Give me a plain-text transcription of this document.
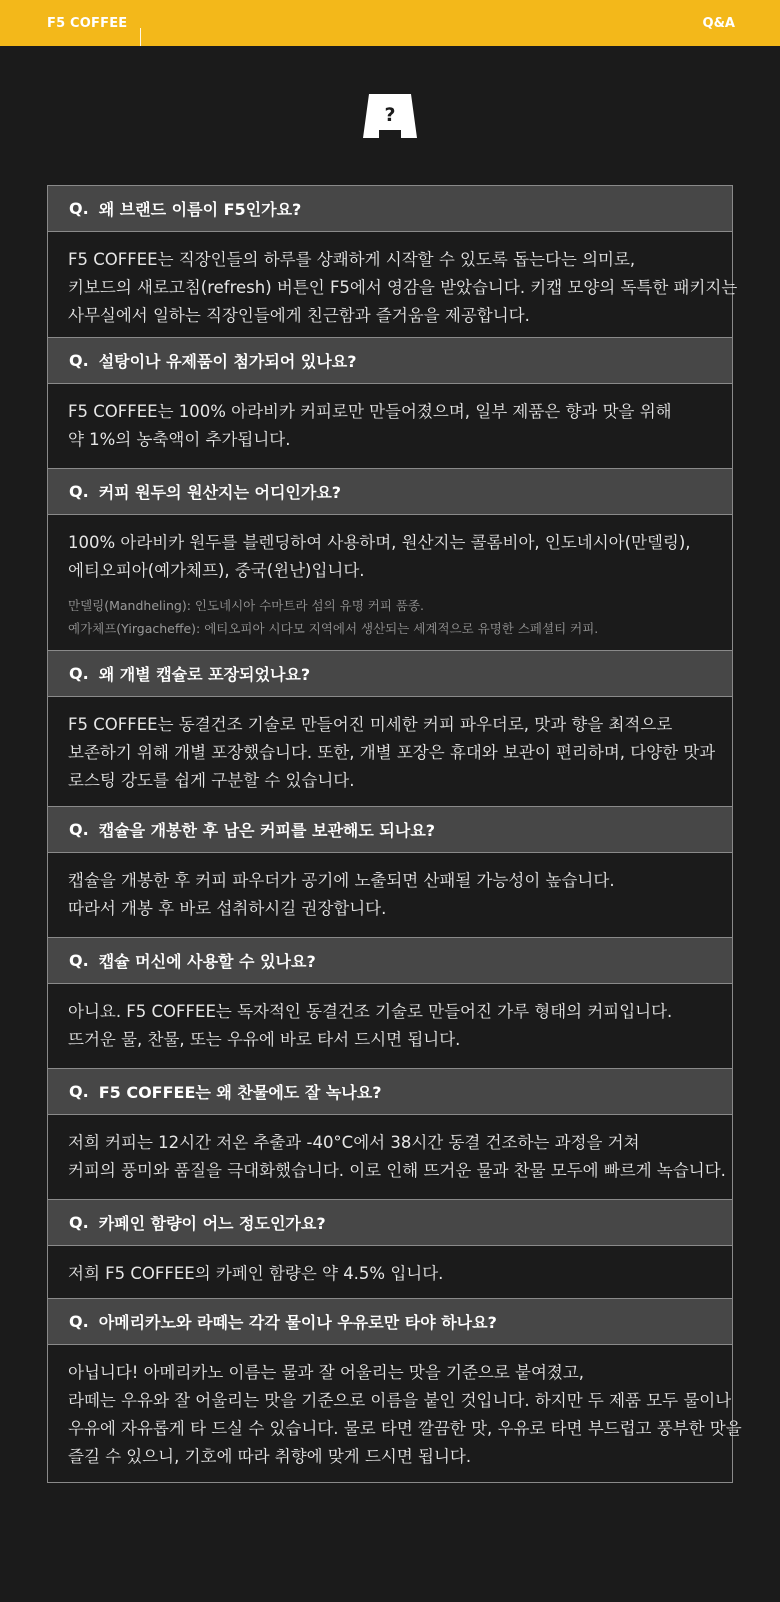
F5 COFFEE	Q&A
?
Q. 왜 브랜드 이름이 F5인가요?
F5 COFFEE는 직장인들의 하루를 상쾌하게 시작할 수 있도록 돕는다는 의미로,
키보드의 새로고침(refresh) 버튼인 F5에서 영감을 받았습니다. 키캡 모양의 독특한 패키지는
사무실에서 일하는 직장인들에게 친근함과 즐거움을 제공합니다.
Q. 설탕이나 유제품이 첨가되어 있나요?
F5 COFFEE는 100% 아라비카 커피로만 만들어졌으며, 일부 제품은 향과 맛을 위해
약 1%의 농축액이 추가됩니다.
Q. 커피 원두의 원산지는 어디인가요?
100% 아라비카 원두를 블렌딩하여 사용하며, 원산지는 콜롬비아, 인도네시아(만델링),
에티오피아(예가체프), 중국(윈난)입니다.
만델링(Mandheling): 인도네시아 수마트라 섬의 유명 커피 품종.
예가체프(Yirgacheffe): 에티오피아 시다모 지역에서 생산되는 세계적으로 유명한 스페셜티 커피.
Q. 왜 개별 캡슐로 포장되었나요?
F5 COFFEE는 동결건조 기술로 만들어진 미세한 커피 파우더로, 맛과 향을 최적으로
보존하기 위해 개별 포장했습니다. 또한, 개별 포장은 휴대와 보관이 편리하며, 다양한 맛과
로스팅 강도를 쉽게 구분할 수 있습니다.
Q. 캡슐을 개봉한 후 남은 커피를 보관해도 되나요?
캡슐을 개봉한 후 커피 파우더가 공기에 노출되면 산패될 가능성이 높습니다.
따라서 개봉 후 바로 섭취하시길 권장합니다.
Q. 캡슐 머신에 사용할 수 있나요?
아니요. F5 COFFEE는 독자적인 동결건조 기술로 만들어진 가루 형태의 커피입니다.
뜨거운 물, 찬물, 또는 우유에 바로 타서 드시면 됩니다.
Q. F5 COFFEE는 왜 찬물에도 잘 녹나요?
저희 커피는 12시간 저온 추출과 -40°C에서 38시간 동결 건조하는 과정을 거쳐
커피의 풍미와 품질을 극대화했습니다. 이로 인해 뜨거운 물과 찬물 모두에 빠르게 녹습니다.
Q. 카페인 함량이 어느 정도인가요?
저희 F5 COFFEE의 카페인 함량은 약 4.5% 입니다.
Q. 아메리카노와 라떼는 각각 물이나 우유로만 타야 하나요?
아닙니다! 아메리카노 이름는 물과 잘 어울리는 맛을 기준으로 붙여졌고,
라떼는 우유와 잘 어울리는 맛을 기준으로 이름을 붙인 것입니다. 하지만 두 제품 모두 물이나
우유에 자유롭게 타 드실 수 있습니다. 물로 타면 깔끔한 맛, 우유로 타면 부드럽고 풍부한 맛을
즐길 수 있으니, 기호에 따라 취향에 맞게 드시면 됩니다.
